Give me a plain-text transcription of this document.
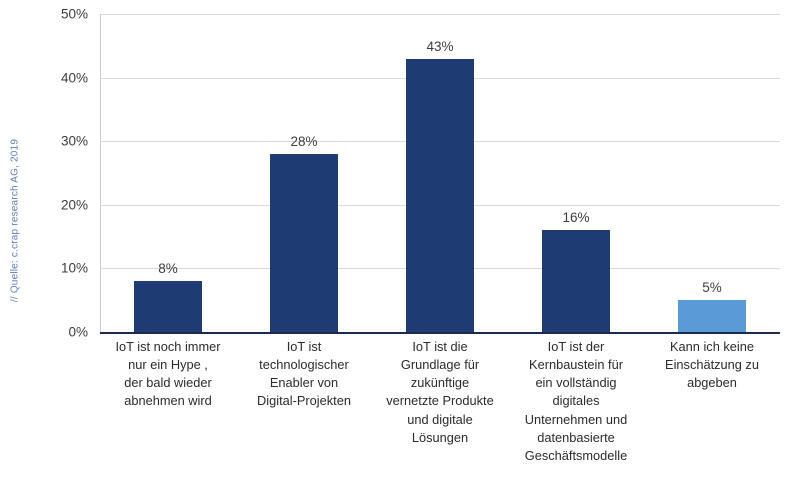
// Quelle: c.crap research AG, 2019
0%
10%
20%
30%
40%
50%
8%
28%
43%
16%
5%
IoT ist noch immer
nur ein Hype ,
der bald wieder
abnehmen wird
IoT ist
technologischer
Enabler von
Digital-Projekten
IoT ist die
Grundlage für
zukünftige
vernetzte Produkte
und digitale
Lösungen
IoT ist der
Kernbaustein für
ein vollständig
digitales
Unternehmen und
datenbasierte
Geschäftsmodelle
Kann ich keine
Einschätzung zu
abgeben
